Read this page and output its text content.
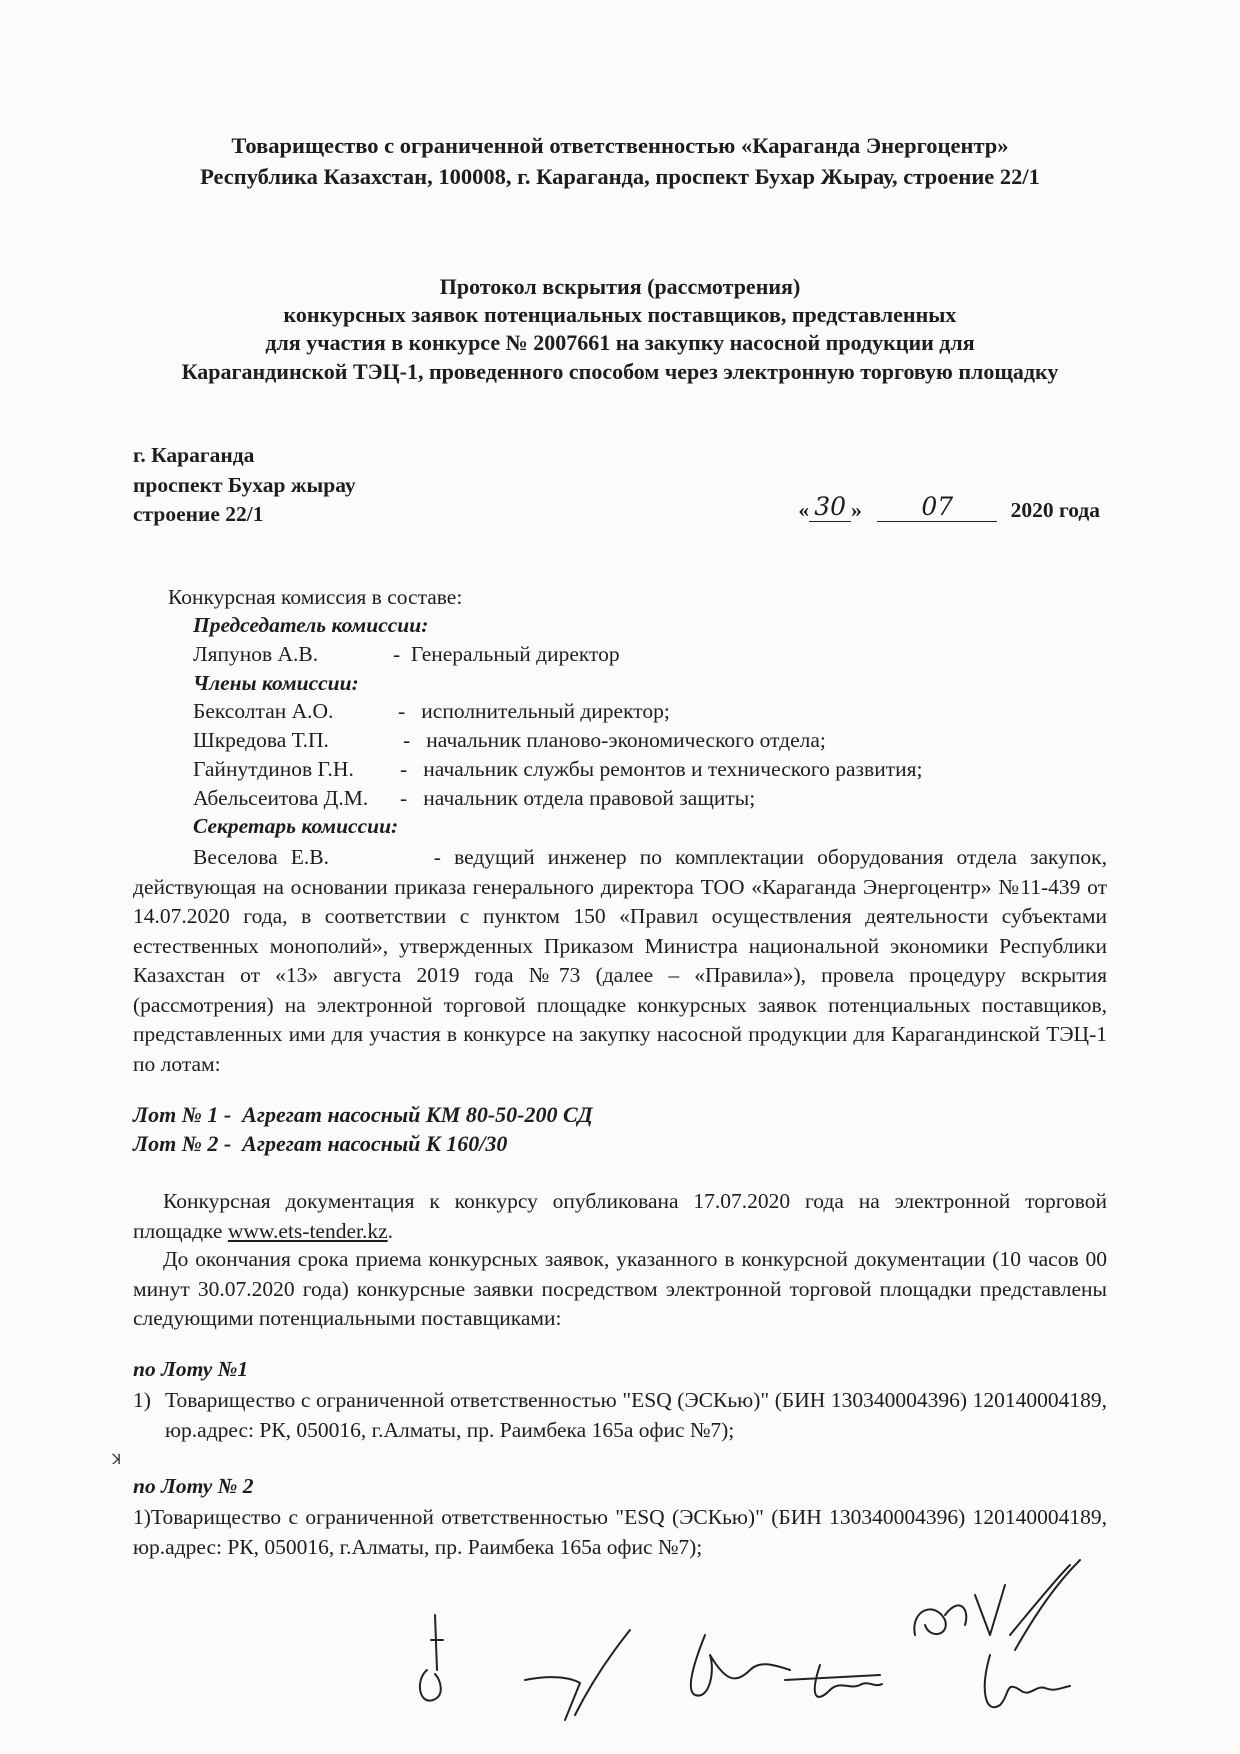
Товарищество с ограниченной ответственностью «Караганда Энергоцентр»
Республика Казахстан, 100008, г. Караганда, проспект Бухар Жырау, строение 22/1
Протокол вскрытия (рассмотрения)
конкурсных заявок потенциальных поставщиков, представленных
для участия в конкурсе № 2007661 на закупку насосной продукции для
Карагандинской ТЭЦ-1, проведенного способом через электронную торговую площадку
г. Караганда
проспект Бухар жырау
строение 22/1	« 30 » 07	2020 года
Конкурсная комиссия в составе:
Председатель комиссии:
Ляпунов А.В.	- Генеральный директор
Члены комиссии:
Бексолтан А.О.	- исполнительный директор;
Шкредова Т.П.	- начальник планово-экономического отдела;
Гайнутдинов Г.Н. - начальник службы ремонтов и технического развития;
Абельсеитова Д.М. - начальник отдела правовой защиты;
Секретарь комиссии:
Веселова Е.В.        - ведущий инженер по комплектации оборудования отдела закупок, действующая на основании приказа генерального директора ТОО «Караганда Энергоцентр» №11-439 от 14.07.2020 года, в соответствии с пунктом 150 «Правил осуществления деятельности субъектами естественных монополий», утвержденных Приказом Министра национальной экономики Республики Казахстан от «13» августа 2019 года №73 (далее – «Правила»), провела процедуру вскрытия (рассмотрения) на электронной торговой площадке конкурсных заявок потенциальных поставщиков, представленных ими для участия в конкурсе на закупку насосной продукции для Карагандинской ТЭЦ-1 по лотам:
Лот № 1 - Агрегат насосный КМ 80-50-200 СД
Лот № 2 - Агрегат насосный К 160/30
Конкурсная документация к конкурсу опубликована 17.07.2020 года на электронной торговой площадке www.ets-tender.kz.
До окончания срока приема конкурсных заявок, указанного в конкурсной документации (10 часов 00 минут 30.07.2020 года) конкурсные заявки посредством электронной торговой площадки представлены следующими потенциальными поставщиками:
по Лоту №1
1) Товарищество с ограниченной ответственностью "ESQ (ЭСКью)" (БИН 130340004396) 120140004189, юр.адрес: РК, 050016, г.Алматы, пр. Раимбека 165а офис №7);
ꓘ
по Лоту № 2
1)Товарищество с ограниченной ответственностью "ESQ (ЭСКью)" (БИН 130340004396) 120140004189, юр.адрес: РК, 050016, г.Алматы, пр. Раимбека 165а офис №7);
